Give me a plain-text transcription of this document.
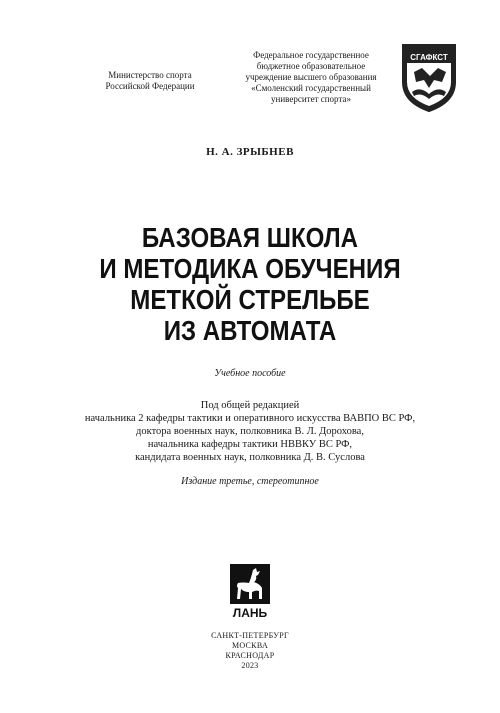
Министерство спорта
Российской Федерации
Федеральное государственное
бюджетное образовательное
учреждение высшего образования
«Смоленский государственный
университет спорта»
СГАФКСТ
Н. А. ЗРЫБНЕВ
БАЗОВАЯ ШКОЛА
И МЕТОДИКА ОБУЧЕНИЯ
МЕТКОЙ СТРЕЛЬБЕ
ИЗ АВТОМАТА
Учебное пособие
Под общей редакцией
начальника 2 кафедры тактики и оперативного искусства ВАВПО ВС РФ,
доктора военных наук, полковника В. Л. Дорохова,
начальника кафедры тактики НВВКУ ВС РФ,
кандидата военных наук, полковника Д. В. Суслова
Издание третье, стереотипное
ЛАНЬ
САНКТ-ПЕТЕРБУРГ
МОСКВА
КРАСНОДАР
2023
